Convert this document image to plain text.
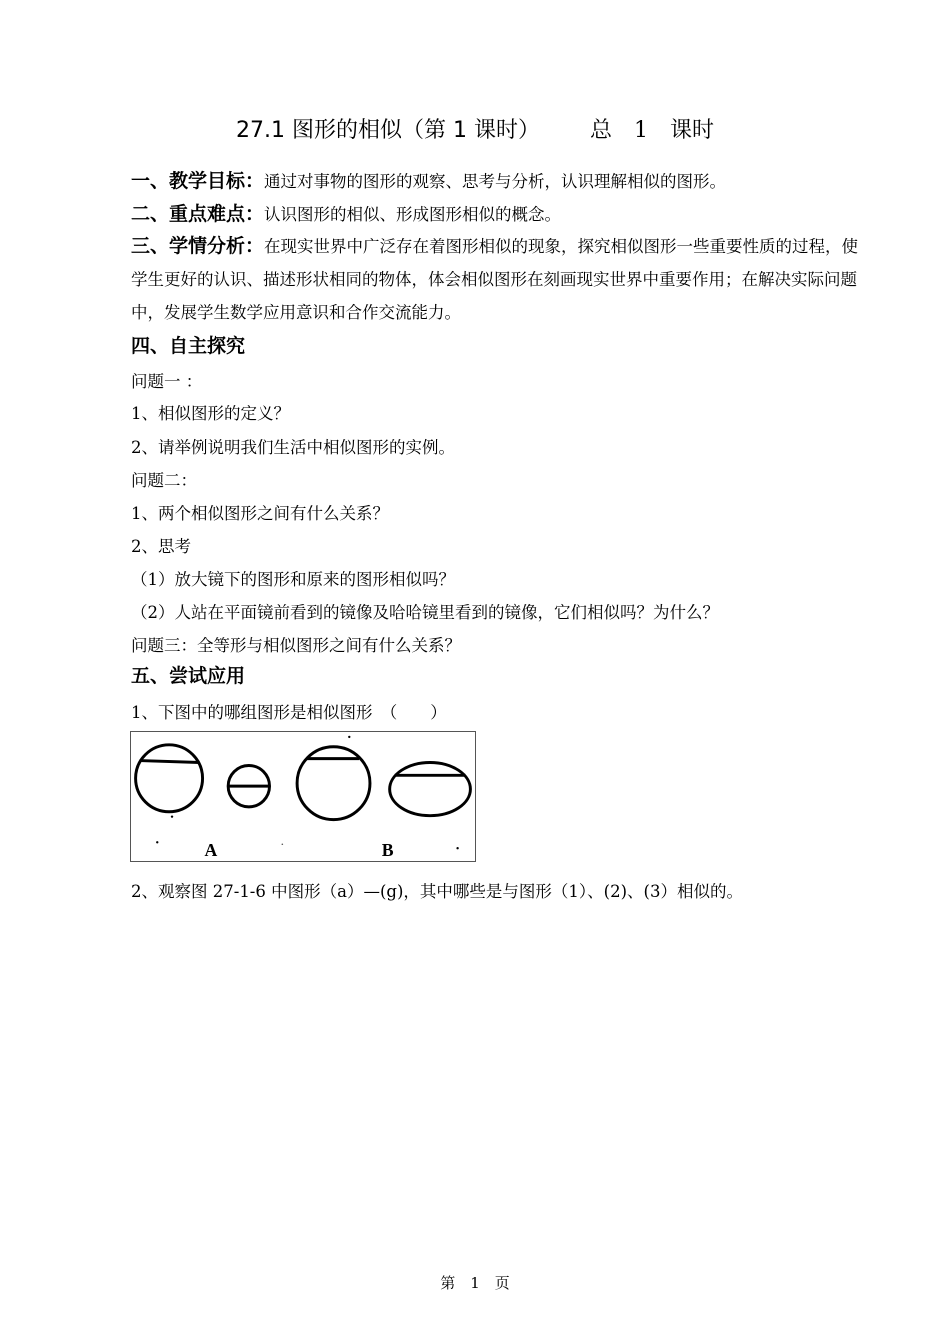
27.1 图形的相似（第 1 课时） 总　1　课时
一、教学目标：通过对事物的图形的观察、思考与分析，认识理解相似的图形。
二、重点难点：认识图形的相似、形成图形相似的概念。
三、学情分析：在现实世界中广泛存在着图形相似的现象，探究相似图形一些重要性质的过程，使学生更好的认识、描述形状相同的物体，体会相似图形在刻画现实世界中重要作用；在解决实际问题中，发展学生数学应用意识和合作交流能力。
四、自主探究
问题一 ：
1、相似图形的定义？
2、请举例说明我们生活中相似图形的实例。
问题二：
1、两个相似图形之间有什么关系？
2、思考
（1）放大镜下的图形和原来的图形相似吗？
（2）人站在平面镜前看到的镜像及哈哈镜里看到的镜像，它们相似吗？为什么？
问题三：全等形与相似图形之间有什么关系？
五、尝试应用
1、下图中的哪组图形是相似图形　（　　）
A	B
2、观察图 27-1-6 中图形（a）—(g)，其中哪些是与图形（1）、(2)、(3）相似的。
第　1　页
